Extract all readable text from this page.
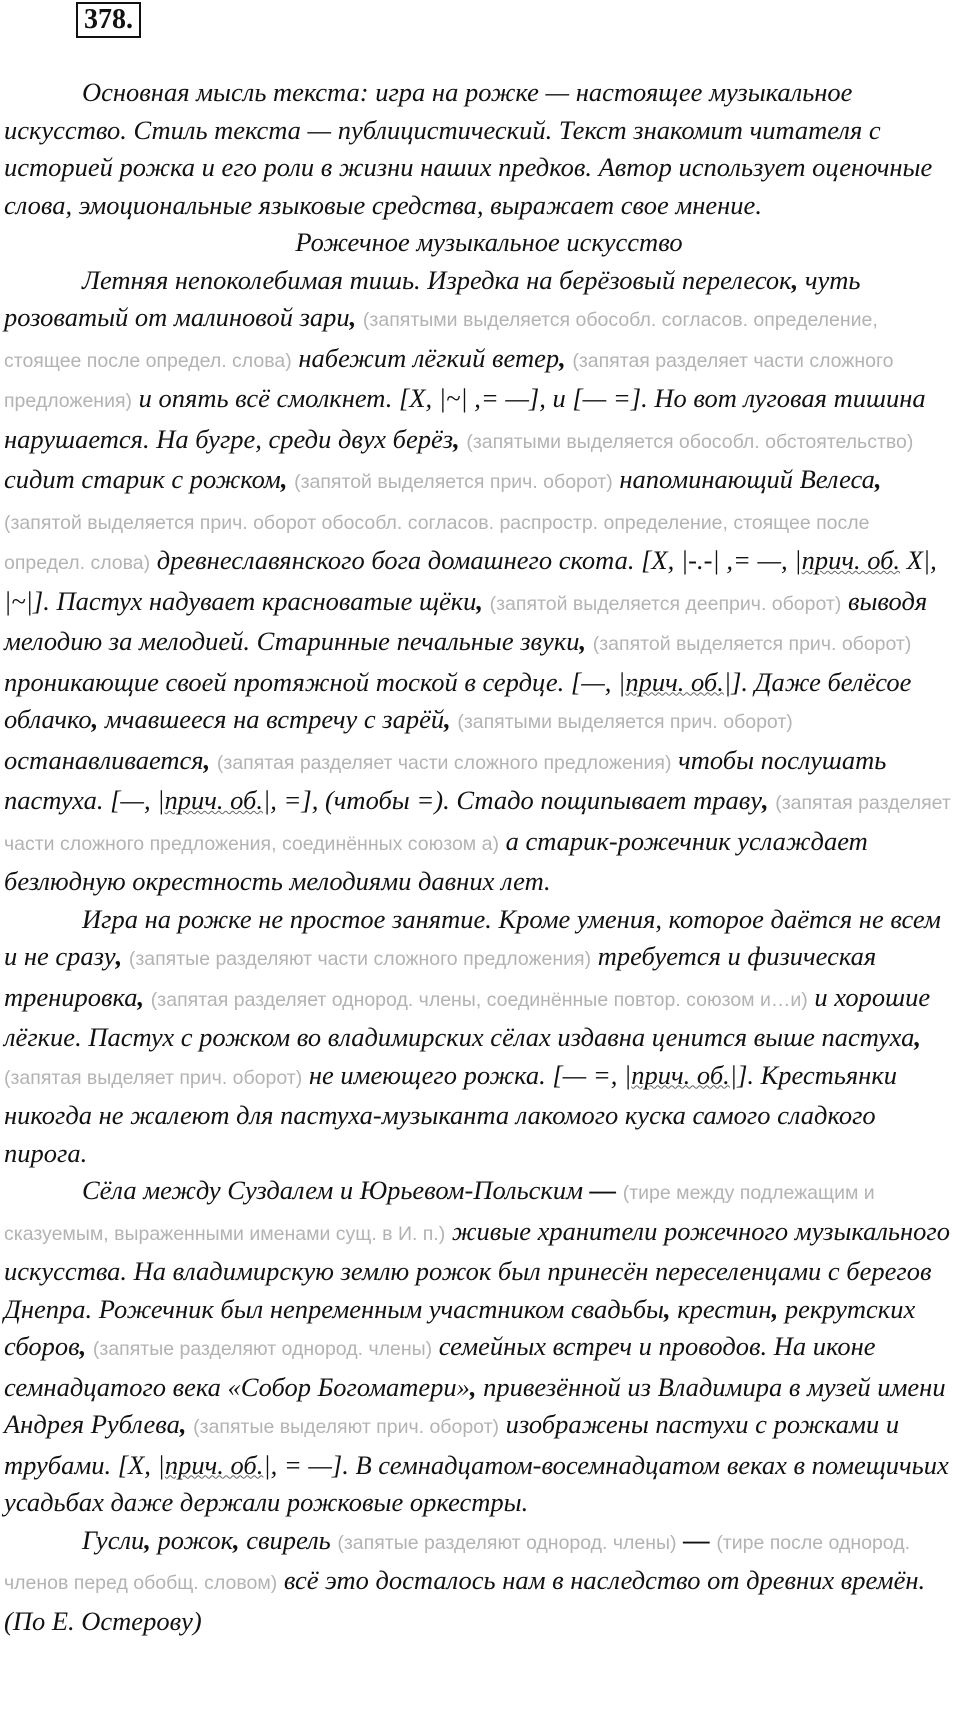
378.

Основная мысль текста: игра на рожке — настоящее музыкальное искусство. Стиль текста — публицистический. Текст знакомит читателя с историей рожка и его роли в жизни наших предков. Автор использует оценочные слова, эмоциональные языковые средства, выражает свое мнение.

Рожечное музыкальное искусство

Летняя непоколебимая тишь. Изредка на берёзовый перелесок, чуть розоватый от малиновой зари, (запятыми выделяется обособл. согласов. определение, стоящее после определ. слова) набежит лёгкий ветер, (запятая разделяет части сложного предложения) и опять всё смолкнет. [X, |~| ,= —], и [— =]. Но вот луговая тишина нарушается. На бугре, среди двух берёз, (запятыми выделяется обособл. обстоятельство) сидит старик с рожком, (запятой выделяется прич. оборот) напоминающий Велеса, (запятой выделяется прич. оборот обособл. согласов. распростр. определение, стоящее после определ. слова) древнеславянского бога домашнего скота. [X, |-.-| ,= —, |прич. об. X|, |~|]. Пастух надувает красноватые щёки, (запятой выделяется дееприч. оборот) выводя мелодию за мелодией. Старинные печальные звуки, (запятой выделяется прич. оборот) проникающие своей протяжной тоской в сердце. [—, |прич. об.|]. Даже белёсое облачко, мчавшееся на встречу с зарёй, (запятыми выделяется прич. оборот) останавливается, (запятая разделяет части сложного предложения) чтобы послушать пастуха. [—, |прич. об.|, =], (чтобы =). Стадо пощипывает траву, (запятая разделяет части сложного предложения, соединённых союзом а) а старик-рожечник услаждает безлюдную окрестность мелодиями давних лет.

Игра на рожке не простое занятие. Кроме умения, которое даётся не всем и не сразу, (запятые разделяют части сложного предложения) требуется и физическая тренировка, (запятая разделяет однород. члены, соединённые повтор. союзом и…и) и хорошие лёгкие. Пастух с рожком во владимирских сёлах издавна ценится выше пастуха, (запятая выделяет прич. оборот) не имеющего рожка. [— =, |прич. об.|]. Крестьянки никогда не жалеют для пастуха-музыканта лакомого куска самого сладкого пирога.

Сёла между Суздалем и Юрьевом-Польским — (тире между подлежащим и сказуемым, выраженными именами сущ. в И. п.) живые хранители рожечного музыкального искусства. На владимирскую землю рожок был принесён переселенцами с берегов Днепра. Рожечник был непременным участником свадьбы, крестин, рекрутских сборов, (запятые разделяют однород. члены) семейных встреч и проводов. На иконе семнадцатого века «Собор Богоматери», привезённой из Владимира в музей имени Андрея Рублева, (запятые выделяют прич. оборот) изображены пастухи с рожками и трубами. [X, |прич. об.|, = —]. В семнадцатом-восемнадцатом веках в помещичьих усадьбах даже держали рожковые оркестры.

Гусли, рожок, свирель (запятые разделяют однород. члены) — (тире после однород. членов перед обобщ. словом) всё это досталось нам в наследство от древних времён. (По Е. Остерову)
